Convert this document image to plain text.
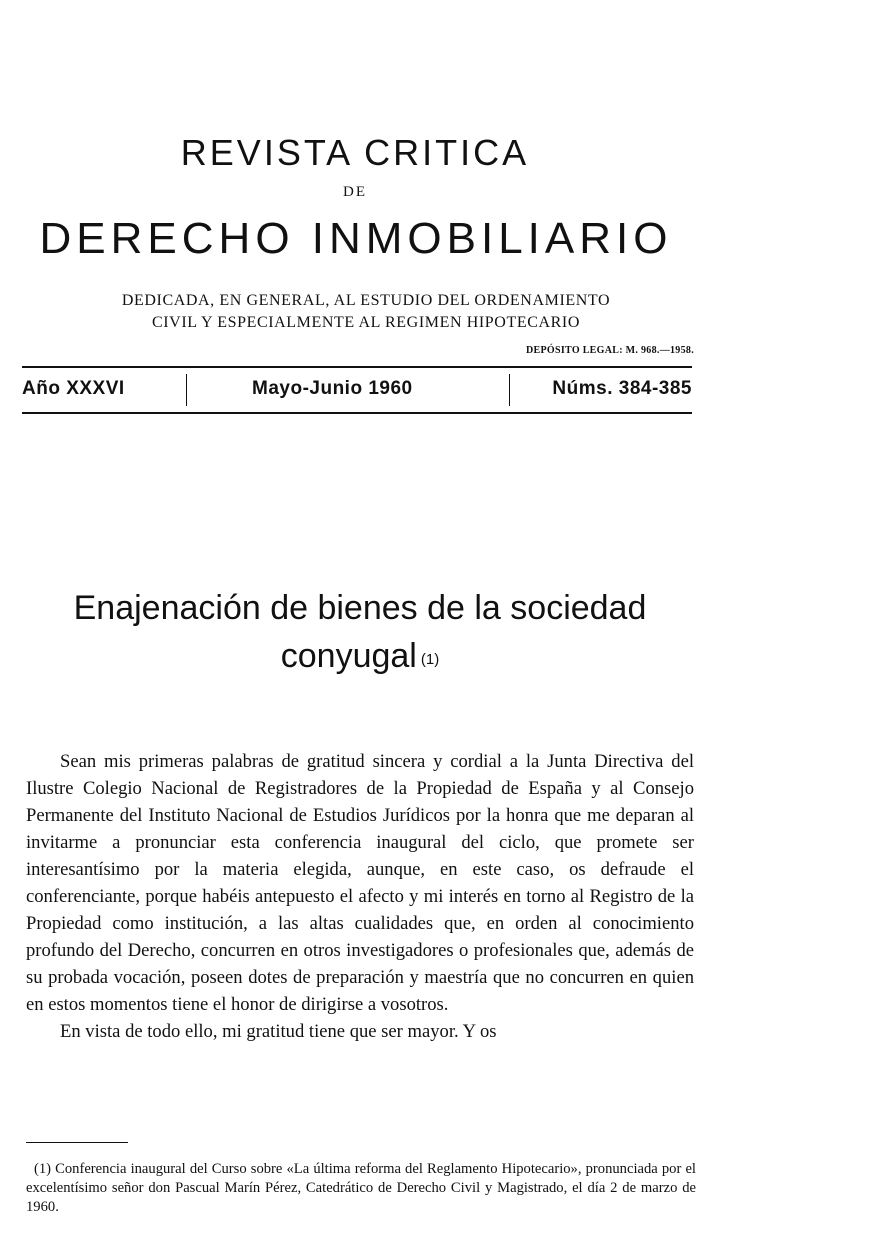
REVISTA CRITICA
DE
DERECHO INMOBILIARIO
DEDICADA, EN GENERAL, AL ESTUDIO DEL ORDENAMIENTO
CIVIL Y ESPECIALMENTE AL REGIMEN HIPOTECARIO
DEPÓSITO LEGAL: M. 968.—1958.
Año XXXVI	Mayo-Junio 1960	Núms. 384-385
Enajenación de bienes de la sociedad
conyugal $^{(1)}$

Sean mis primeras palabras de gratitud sincera y cordial a la Junta Directiva del Ilustre Colegio Nacional de Registradores de la Propiedad de España y al Consejo Permanente del Instituto Nacional de Estudios Jurídicos por la honra que me deparan al invitarme a pronunciar esta conferencia inaugural del ciclo, que promete ser interesantísimo por la materia elegida, aunque, en este caso, os defraude el conferenciante, porque habéis antepuesto el afecto y mi interés en torno al Registro de la Propiedad como institución, a las altas cualidades que, en orden al conocimiento profundo del Derecho, concurren en otros investigadores o profesionales que, además de su probada vocación, poseen dotes de preparación y maestría que no concurren en quien en estos momentos tiene el honor de dirigirse a vosotros.

En vista de todo ello, mi gratitud tiene que ser mayor. Y os

(1) Conferencia inaugural del Curso sobre «La última reforma del Reglamento Hipotecario», pronunciada por el excelentísimo señor don Pascual Marín Pérez, Catedrático de Derecho Civil y Magistrado, el día 2 de marzo de 1960.
